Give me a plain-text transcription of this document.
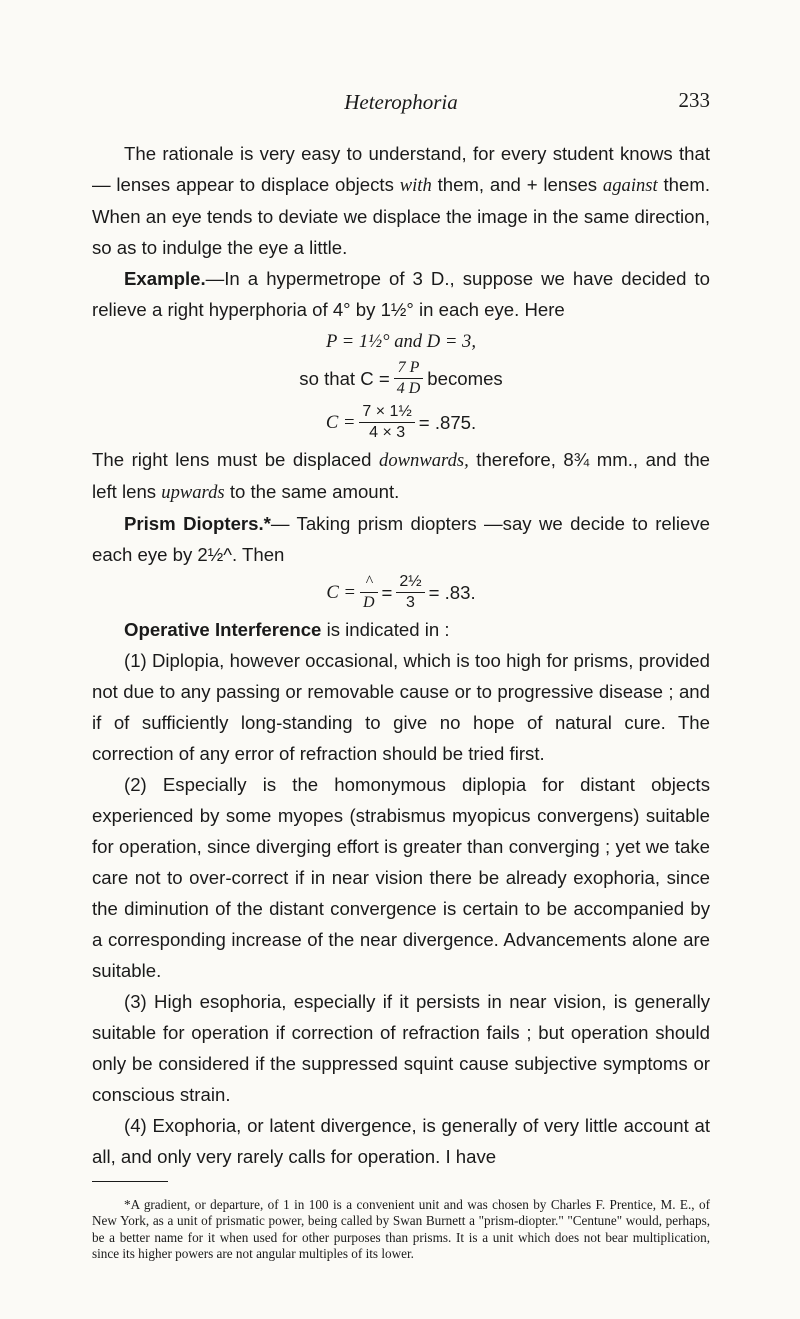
Heterophoria	233

The rationale is very easy to understand, for every student knows that — lenses appear to displace objects with them, and + lenses against them. When an eye tends to deviate we displace the image in the same direction, so as to indulge the eye a little.

Example.—In a hypermetrope of 3 D., suppose we have decided to relieve a right hyperphoria of 4° by 1½° in each eye. Here

P = 1½° and D = 3,
so that $C = \frac{7 P}{4 D}$ becomes
$C = \frac{\text{7 × 1½}}{4 \times 3} = .875$.

The right lens must be displaced downwards, therefore, 8¾ mm., and the left lens upwards to the same amount.

Prism Diopters.*— Taking prism diopters —say we decide to relieve each eye by 2½^. Then

$C = \frac{\^{}}{D} = \frac{\text{2½}}{3} = .83$.

Operative Interference is indicated in :

(1) Diplopia, however occasional, which is too high for prisms, provided not due to any passing or removable cause or to progressive disease ; and if of sufficiently long-standing to give no hope of natural cure. The correction of any error of refraction should be tried first.

(2) Especially is the homonymous diplopia for distant objects experienced by some myopes (strabismus myopicus convergens) suitable for operation, since diverging effort is greater than converging ; yet we take care not to over-correct if in near vision there be already exophoria, since the diminution of the distant convergence is certain to be accompanied by a corresponding increase of the near divergence. Advancements alone are suitable.

(3) High esophoria, especially if it persists in near vision, is generally suitable for operation if correction of refraction fails ; but operation should only be considered if the suppressed squint cause subjective symptoms or conscious strain.

(4) Exophoria, or latent divergence, is generally of very little account at all, and only very rarely calls for operation. I have

*A gradient, or departure, of 1 in 100 is a convenient unit and was chosen by Charles F. Prentice, M. E., of New York, as a unit of prismatic power, being called by Swan Burnett a "prism-diopter." "Centune" would, perhaps, be a better name for it when used for other purposes than prisms. It is a unit which does not bear multiplication, since its higher powers are not angular multiples of its lower.
